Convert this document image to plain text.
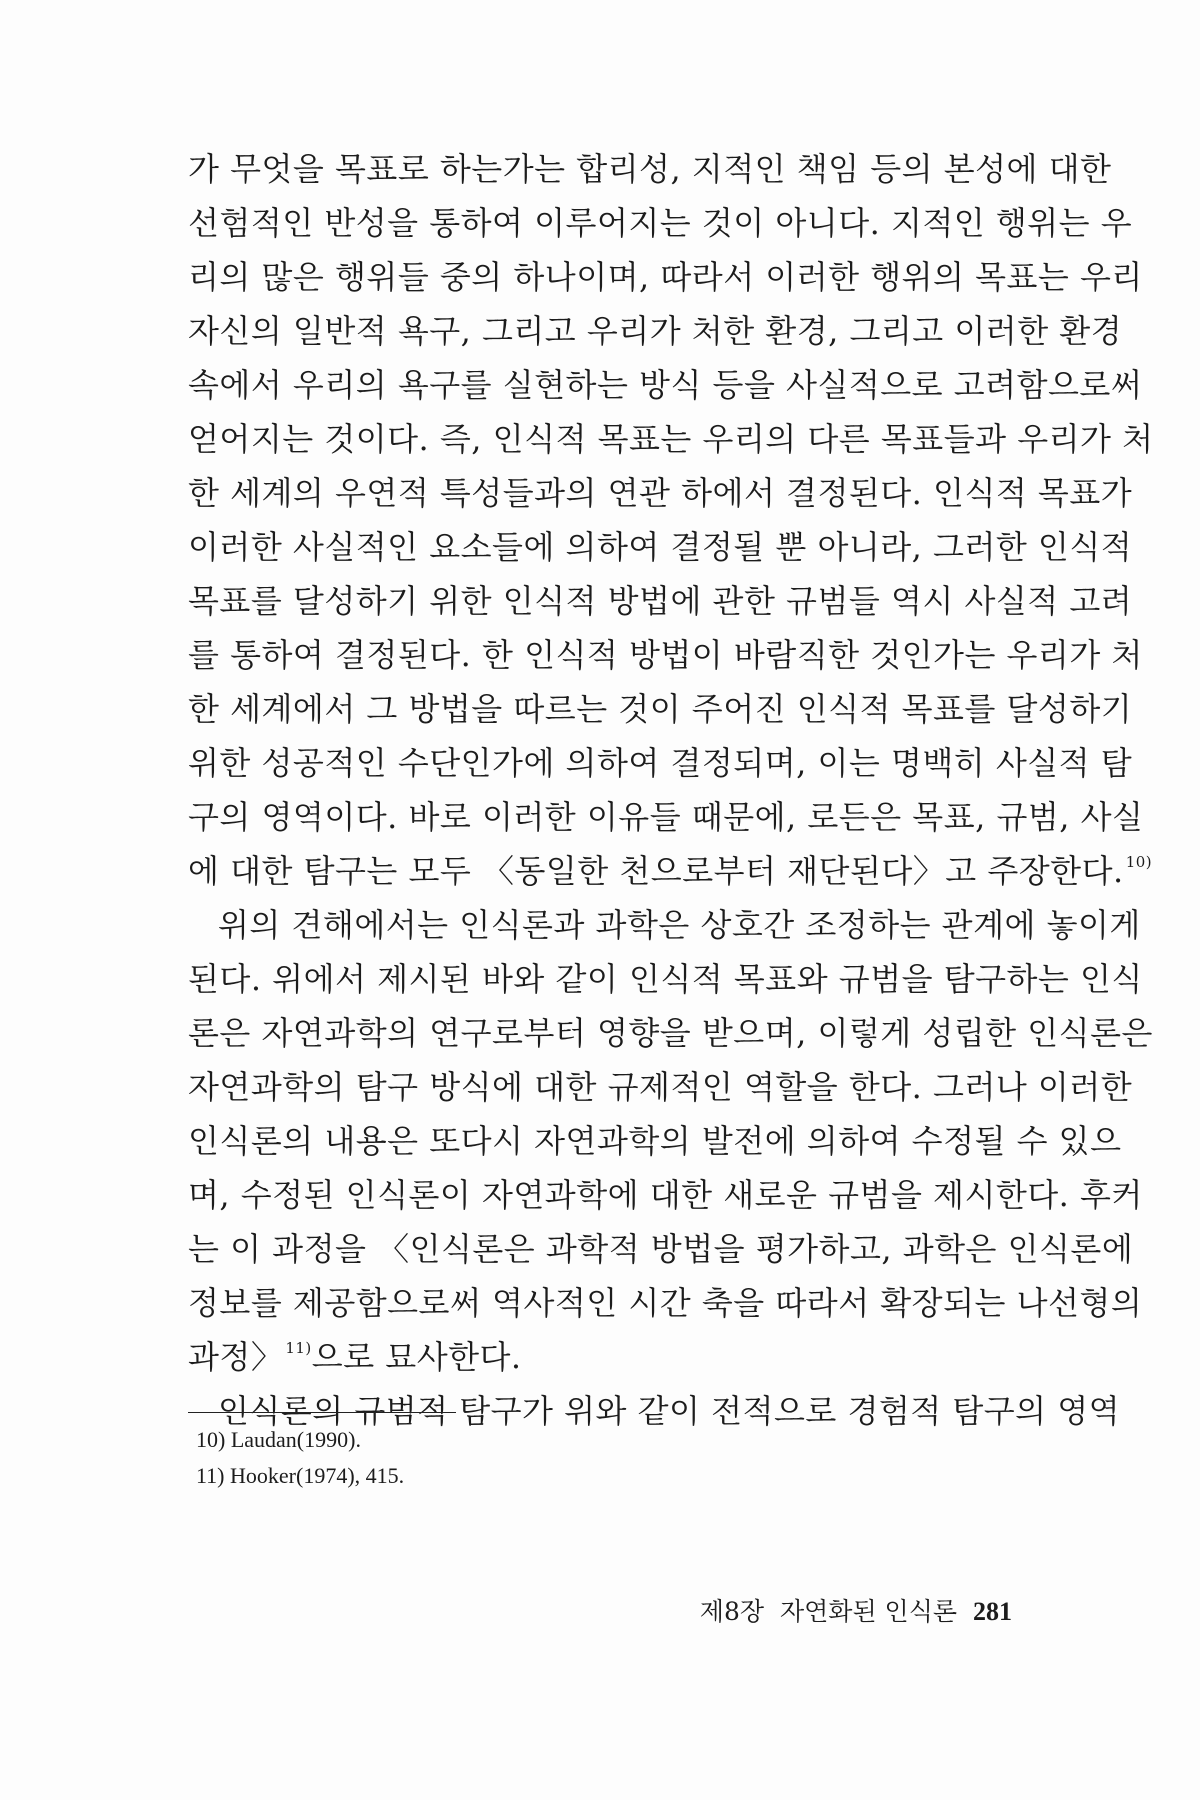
가 무엇을 목표로 하는가는 합리성, 지적인 책임 등의 본성에 대한
선험적인 반성을 통하여 이루어지는 것이 아니다. 지적인 행위는 우
리의 많은 행위들 중의 하나이며, 따라서 이러한 행위의 목표는 우리
자신의 일반적 욕구, 그리고 우리가 처한 환경, 그리고 이러한 환경
속에서 우리의 욕구를 실현하는 방식 등을 사실적으로 고려함으로써
얻어지는 것이다. 즉, 인식적 목표는 우리의 다른 목표들과 우리가 처
한 세계의 우연적 특성들과의 연관 하에서 결정된다. 인식적 목표가
이러한 사실적인 요소들에 의하여 결정될 뿐 아니라, 그러한 인식적
목표를 달성하기 위한 인식적 방법에 관한 규범들 역시 사실적 고려
를 통하여 결정된다. 한 인식적 방법이 바람직한 것인가는 우리가 처
한 세계에서 그 방법을 따르는 것이 주어진 인식적 목표를 달성하기
위한 성공적인 수단인가에 의하여 결정되며, 이는 명백히 사실적 탐
구의 영역이다. 바로 이러한 이유들 때문에, 로든은 목표, 규범, 사실
에 대한 탐구는 모두 〈동일한 천으로부터 재단된다〉고 주장한다. $^{10)}$
위의 견해에서는 인식론과 과학은 상호간 조정하는 관계에 놓이게
된다. 위에서 제시된 바와 같이 인식적 목표와 규범을 탐구하는 인식
론은 자연과학의 연구로부터 영향을 받으며, 이렇게 성립한 인식론은
자연과학의 탐구 방식에 대한 규제적인 역할을 한다. 그러나 이러한
인식론의 내용은 또다시 자연과학의 발전에 의하여 수정될 수 있으
며, 수정된 인식론이 자연과학에 대한 새로운 규범을 제시한다. 후커
는 이 과정을 〈인식론은 과학적 방법을 평가하고, 과학은 인식론에
정보를 제공함으로써 역사적인 시간 축을 따라서 확장되는 나선형의
과정〉 $^{11)}$으로 묘사한다.
인식론의 규범적 탐구가 위와 같이 전적으로 경험적 탐구의 영역
10) Laudan(1990).
11) Hooker(1974), 415.
제8장 자연화된 인식론 281
